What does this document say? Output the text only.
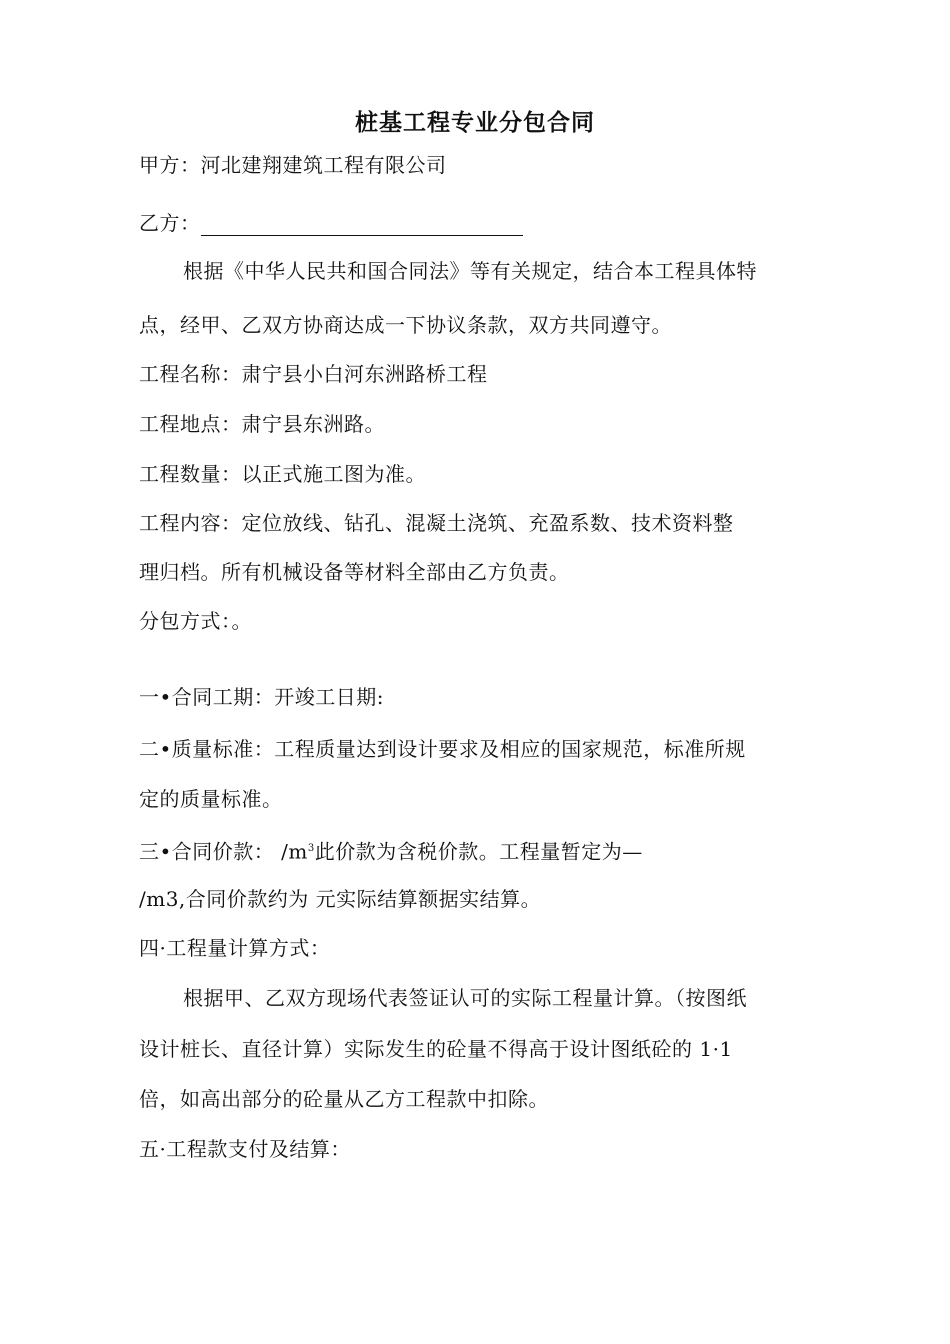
桩基工程专业分包合同
甲方：河北建翔建筑工程有限公司
乙方：
根据《中华人民共和国合同法》等有关规定，结合本工程具体特
点，经甲、乙双方协商达成一下协议条款，双方共同遵守。
工程名称：肃宁县小白河东洲路桥工程
工程地点：肃宁县东洲路。
工程数量：以正式施工图为准。
工程内容：定位放线、钻孔、混凝土浇筑、充盈系数、技术资料整
理归档。所有机械设备等材料全部由乙方负责。
分包方式：。
一•合同工期：开竣工日期:
二•质量标准：工程质量达到设计要求及相应的国家规范，标准所规
定的质量标准。
三•合同价款： $/m^3$此价款为含税价款。工程量暂定为—
/m3,合同价款约为 元实际结算额据实结算。
四·工程量计算方式：
根据甲、乙双方现场代表签证认可的实际工程量计算。（按图纸
设计桩长、直径计算）实际发生的砼量不得高于设计图纸砼的 1·1
倍，如高出部分的砼量从乙方工程款中扣除。
五·工程款支付及结算：
